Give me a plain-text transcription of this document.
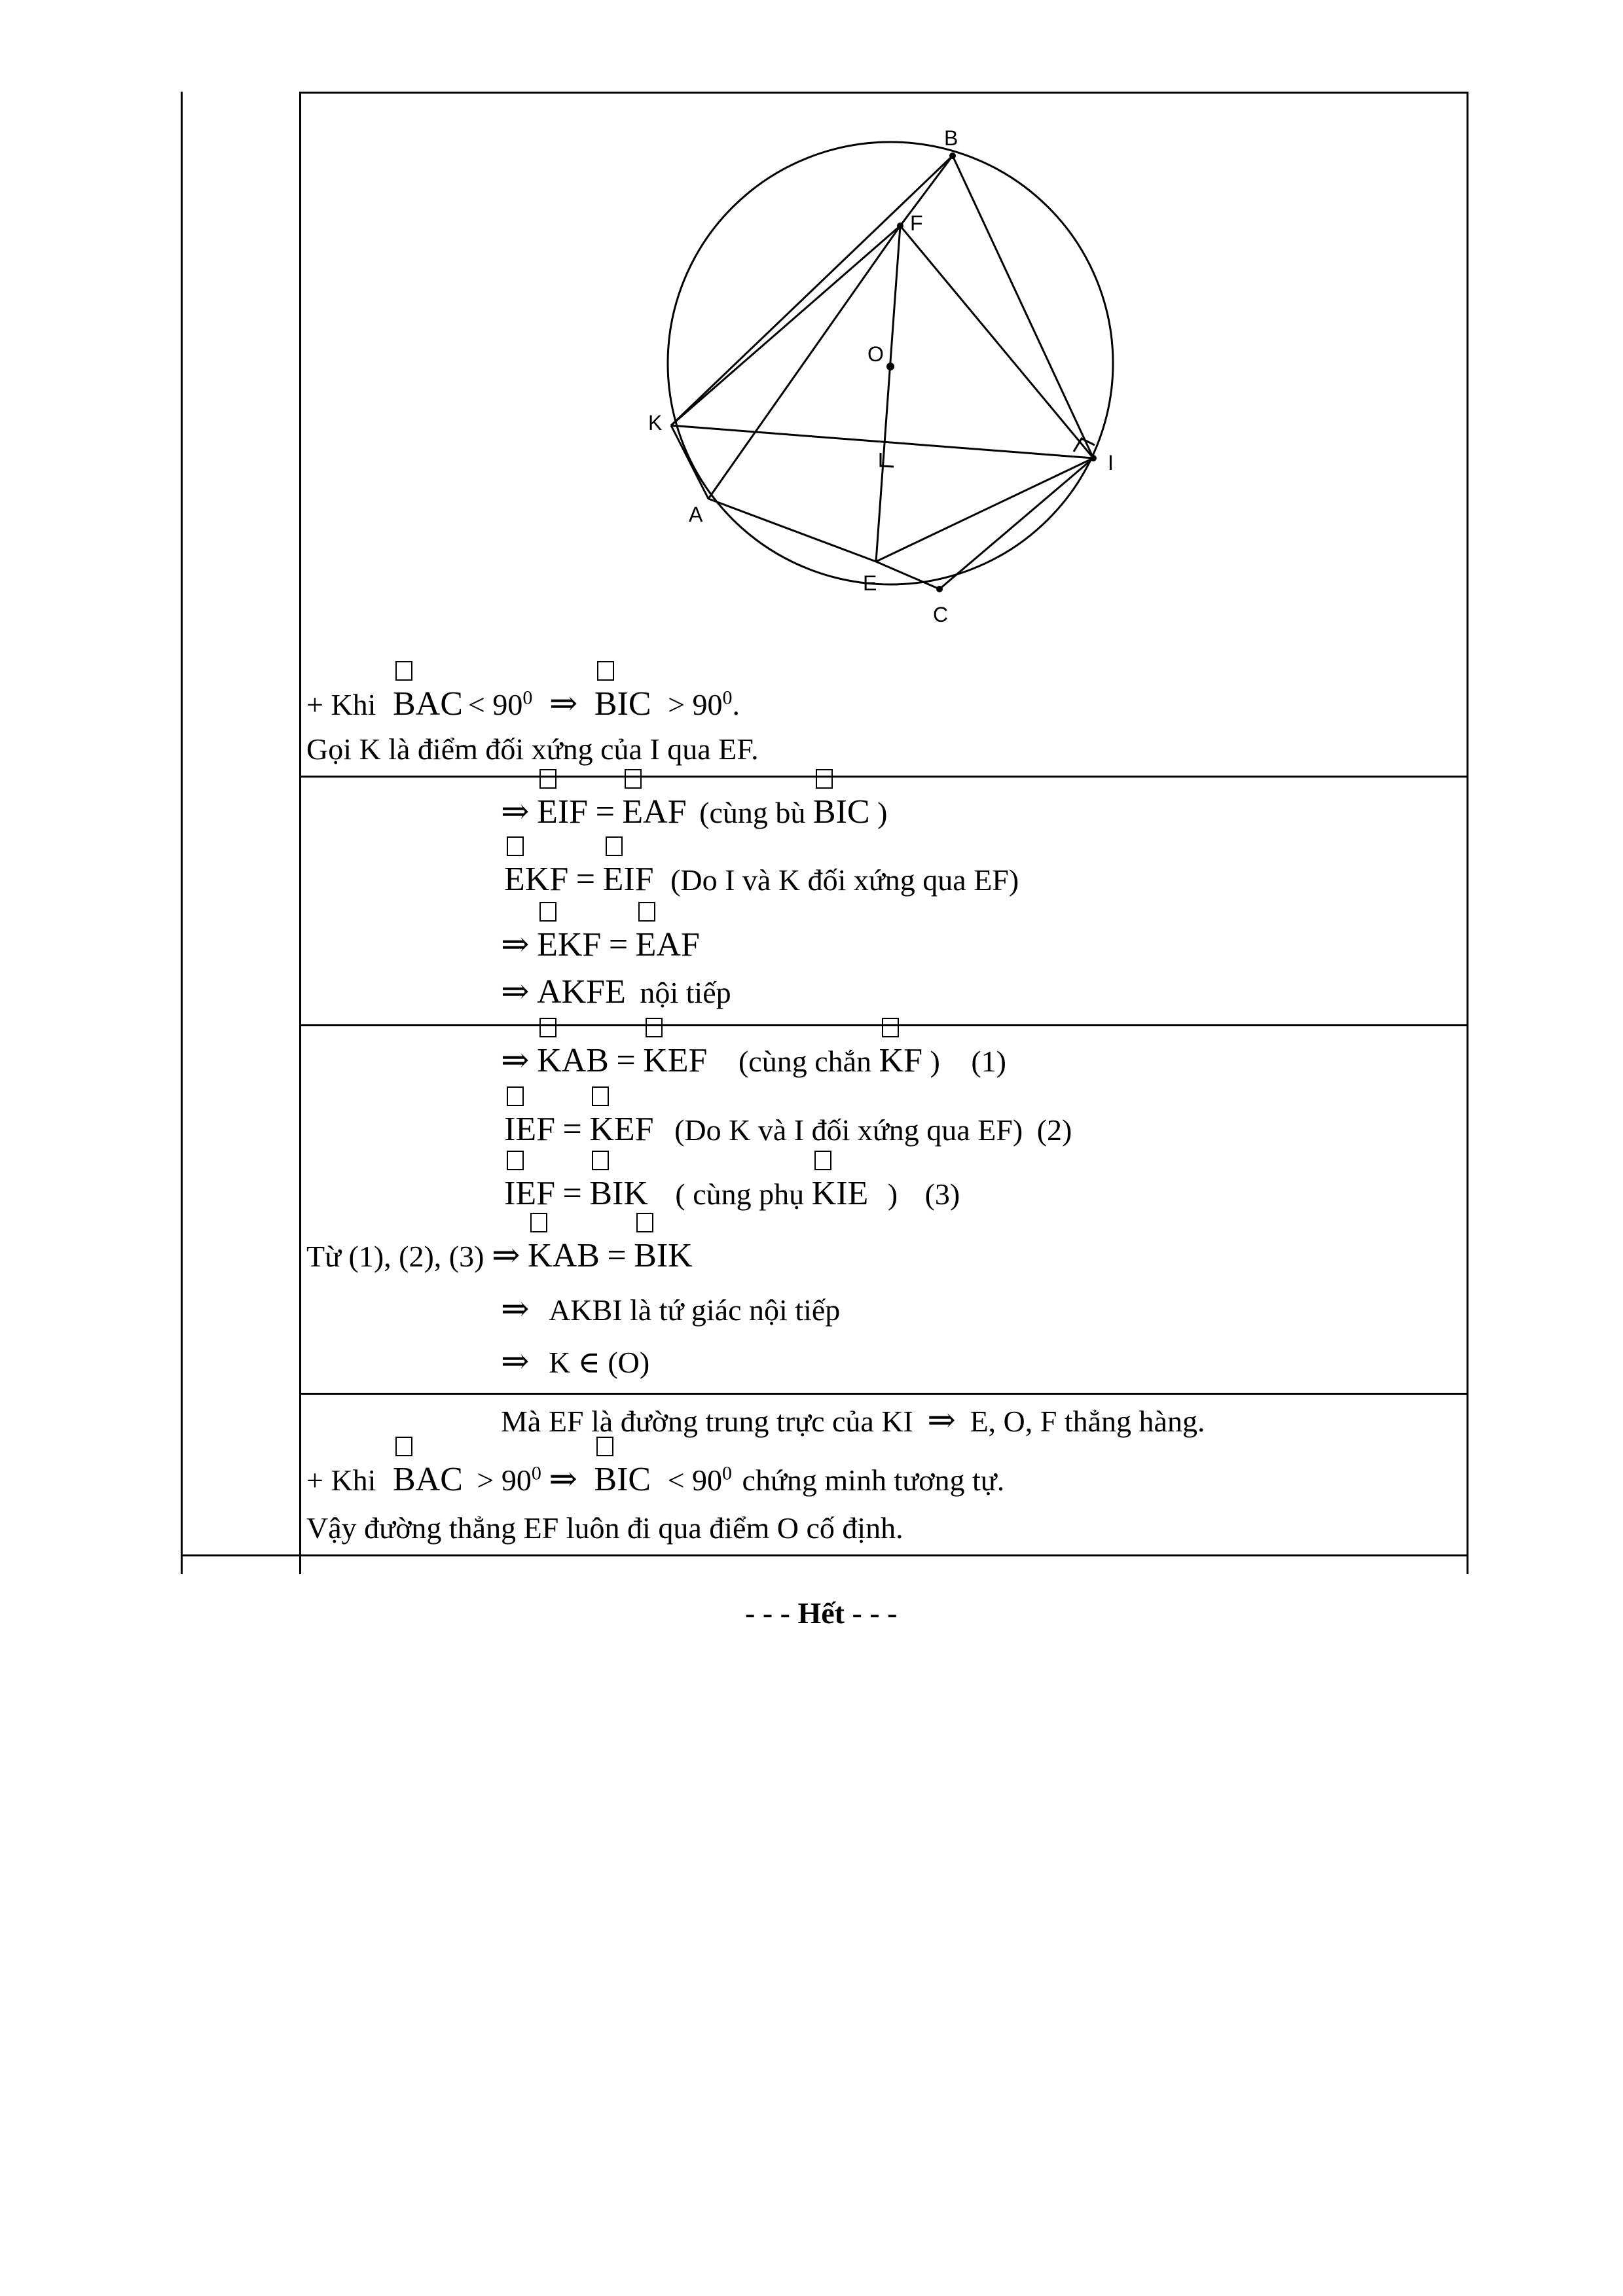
B
F
O
K
I
A
E
C
+ Khi BAC < $90^0$ ⇒ BIC > $90^0$.
Gọi K là điểm đối xứng của I qua EF.
⇒ EIF = EAF (cùng bù BIC )
EKF = EIF (Do I và K đối xứng qua EF)
⇒ EKF = EAF
⇒ AKFE nội tiếp
⇒ KAB = KEF (cùng chắn KF ) (1)
IEF = KEF (Do K và I đối xứng qua EF) (2)
IEF = BIK ( cùng phụ KIE ) (3)
Từ (1), (2), (3) ⇒ KAB = BIK
⇒ AKBI là tứ giác nội tiếp
⇒ K ∈ (O)
Mà EF là đường trung trực của KI ⇒ E, O, F thẳng hàng.
+ Khi BAC > $90^0$ ⇒ BIC < $90^0$ chứng minh tương tự.
Vậy đường thẳng EF luôn đi qua điểm O cố định.
- - - Hết - - -
